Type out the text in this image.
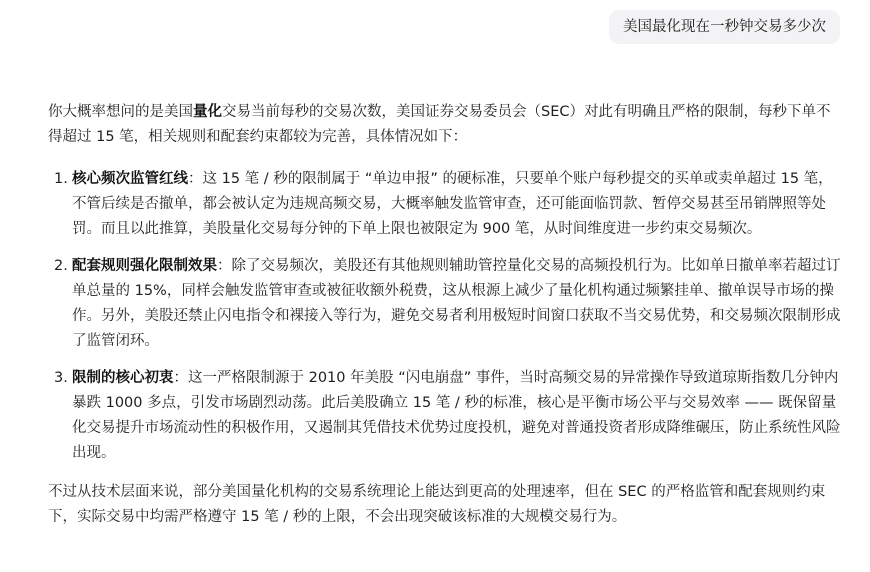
美国最化现在一秒钟交易多少次

你大概率想问的是美国量化交易当前每秒的交易次数，美国证券交易委员会（SEC）对此有明确且严格的限制，每秒下单不得超过 15 笔，相关规则和配套约束都较为完善，具体情况如下：

1. 核心频次监管红线：这 15 笔 / 秒的限制属于 “单边申报” 的硬标准，只要单个账户每秒提交的买单或卖单超过 15 笔，不管后续是否撤单，都会被认定为违规高频交易，大概率触发监管审查，还可能面临罚款、暂停交易甚至吊销牌照等处罚。而且以此推算，美股量化交易每分钟的下单上限也被限定为 900 笔，从时间维度进一步约束交易频次。
2. 配套规则强化限制效果：除了交易频次，美股还有其他规则辅助管控量化交易的高频投机行为。比如单日撤单率若超过订单总量的 15%，同样会触发监管审查或被征收额外税费，这从根源上减少了量化机构通过频繁挂单、撤单误导市场的操作。另外，美股还禁止闪电指令和裸接入等行为，避免交易者利用极短时间窗口获取不当交易优势，和交易频次限制形成了监管闭环。
3. 限制的核心初衷：这一严格限制源于 2010 年美股 “闪电崩盘” 事件，当时高频交易的异常操作导致道琼斯指数几分钟内暴跌 1000 多点，引发市场剧烈动荡。此后美股确立 15 笔 / 秒的标准，核心是平衡市场公平与交易效率 —— 既保留量化交易提升市场流动性的积极作用，又遏制其凭借技术优势过度投机，避免对普通投资者形成降维碾压，防止系统性风险出现。

不过从技术层面来说，部分美国量化机构的交易系统理论上能达到更高的处理速率，但在 SEC 的严格监管和配套规则约束下，实际交易中均需严格遵守 15 笔 / 秒的上限，不会出现突破该标准的大规模交易行为。
